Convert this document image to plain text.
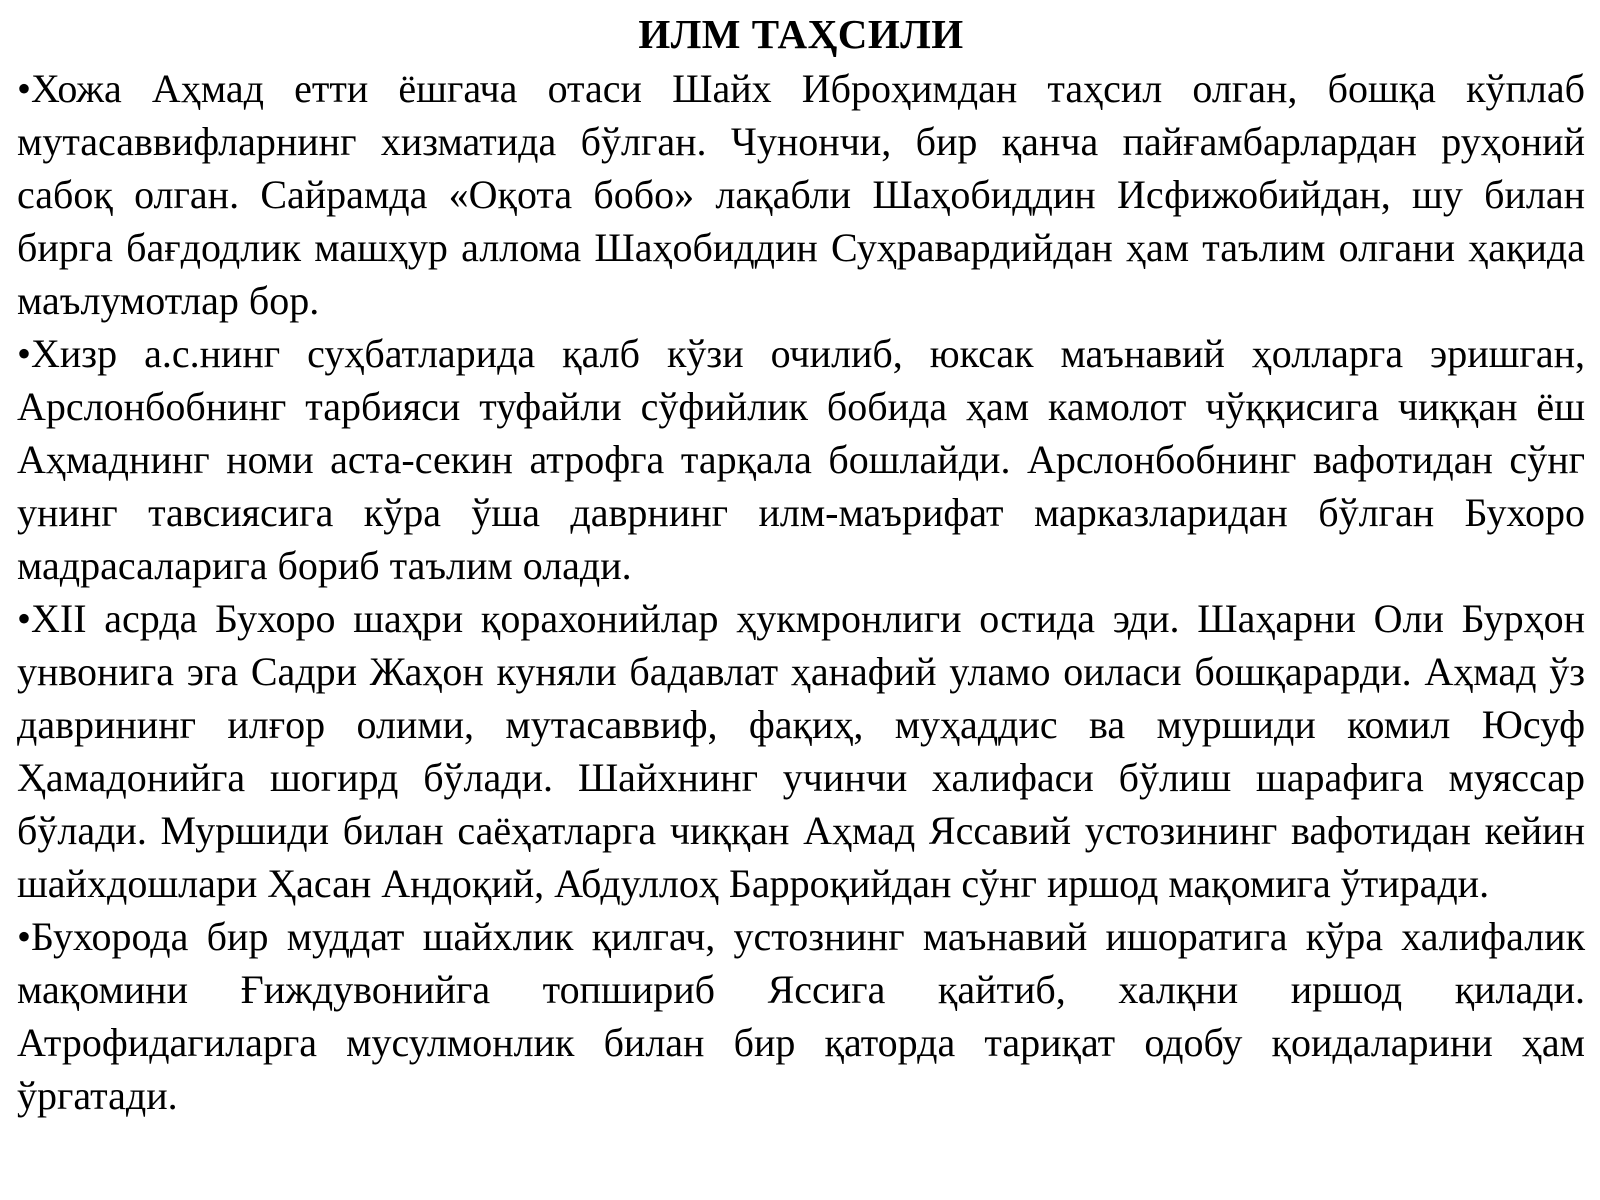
ИЛМ ТАҲСИЛИ

•Хожа Аҳмад етти ёшгача отаси Шайх Иброҳимдан таҳсил олган, бошқа кўплаб мутасаввифларнинг хизматида бўлган. Чунончи, бир қанча пайғамбарлардан руҳоний сабоқ олган. Сайрамда «Оқота бобо» лақабли Шаҳобиддин Исфижобийдан, шу билан бирга бағдодлик машҳур аллома Шаҳобиддин Суҳравардийдан ҳам таълим олгани ҳақида маълумотлар бор.

•Хизр а.с.нинг суҳбатларида қалб кўзи очилиб, юксак маънавий ҳолларга эришган, Арслонбобнинг тарбияси туфайли сўфийлик бобида ҳам камолот чўққисига чиққан ёш Аҳмаднинг номи аста-секин атрофга тарқала бошлайди. Арслонбобнинг вафотидан сўнг унинг тавсиясига кўра ўша даврнинг илм-маърифат марказларидан бўлган Бухоро мадрасаларига бориб таълим олади.

•XII асрда Бухоро шаҳри қорахонийлар ҳукмронлиги остида эди. Шаҳарни Оли Бурҳон унвонига эга Садри Жаҳон куняли бадавлат ҳанафий уламо оиласи бошқарарди. Аҳмад ўз даврининг илғор олими, мутасаввиф, фақиҳ, муҳаддис ва муршиди комил Юсуф Ҳамадонийга шогирд бўлади. Шайхнинг учинчи халифаси бўлиш шарафига муяссар бўлади. Муршиди билан саёҳатларга чиққан Аҳмад Яссавий устозининг вафотидан кейин шайхдошлари Ҳасан Андоқий, Абдуллоҳ Барроқийдан сўнг иршод мақомига ўтиради.

•Бухорода бир муддат шайхлик қилгач, устознинг маънавий ишоратига кўра халифалик мақомини Ғиждувонийга топшириб Яссига қайтиб, халқни иршод қилади. Атрофидагиларга мусулмонлик билан бир қаторда тариқат одобу қоидаларини ҳам ўргатади.
